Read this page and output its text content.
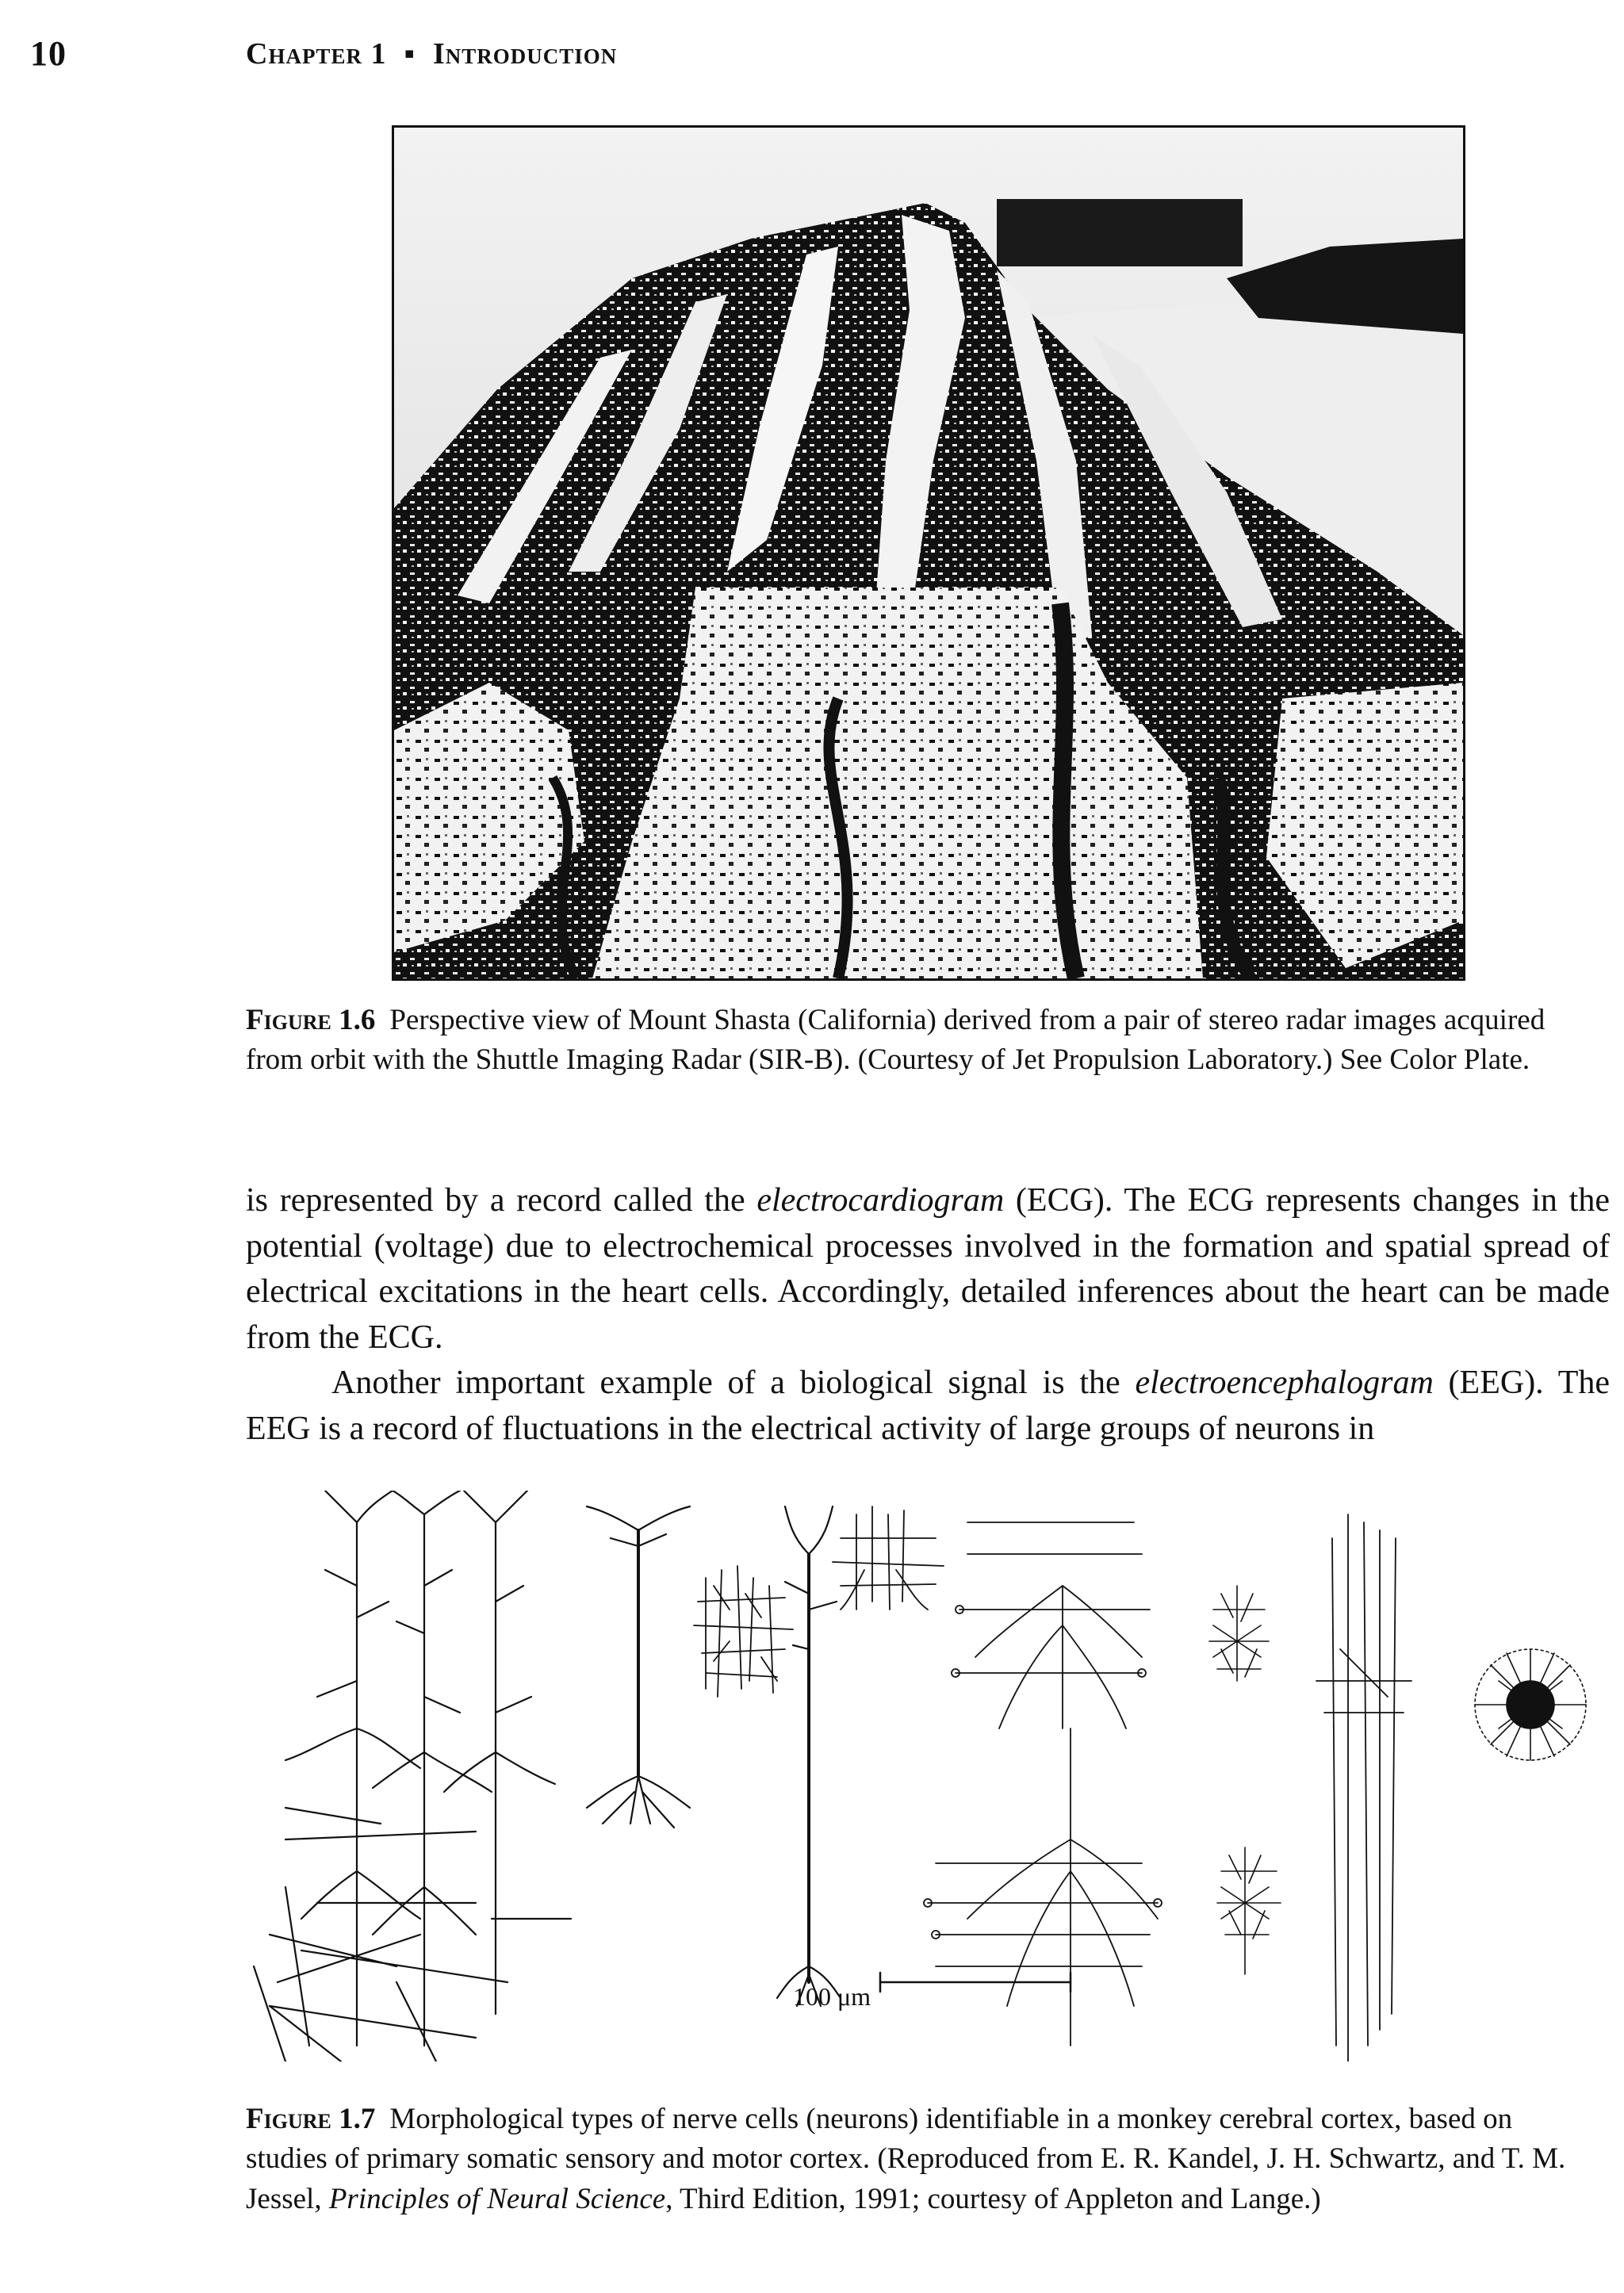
10	Chapter 1 ▪ Introduction
Figure 1.6 Perspective view of Mount Shasta (California) derived from a pair of stereo radar images acquired from orbit with the Shuttle Imaging Radar (SIR-B). (Courtesy of Jet Propulsion Laboratory.) See Color Plate.

is represented by a record called the electrocardiogram (ECG). The ECG represents changes in the potential (voltage) due to electrochemical processes involved in the formation and spatial spread of electrical excitations in the heart cells. Accordingly, detailed inferences about the heart can be made from the ECG.

Another important example of a biological signal is the electroencephalogram (EEG). The EEG is a record of fluctuations in the electrical activity of large groups of neurons in

100 μm
Figure 1.7 Morphological types of nerve cells (neurons) identifiable in a monkey cerebral cortex, based on studies of primary somatic sensory and motor cortex. (Reproduced from E. R. Kandel, J. H. Schwartz, and T. M. Jessel, Principles of Neural Science, Third Edition, 1991; courtesy of Appleton and Lange.)
